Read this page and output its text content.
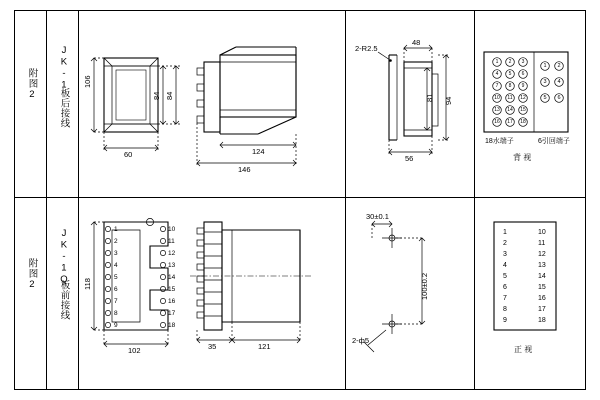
附图2	JK-1
板后接线
附图2	JK-1Q
板前接线
106
84 84
60	124
146
2-R2.5
48
81 94
56
18水端子	6引回端子
背 视
118
102	35	121
30±0.1
100±0.2
2-ф5
1
2
3
4
5
6
7
8
9
10
11
12
13
14
15
16
17
18
1
2
3
4
5
6
7
8
9
10
11
12
13
14
15
16
17
18
正 视
1	2	3
4	5	6
7	8	9
10	11	12
13	14	15
16	17	18
1	2
3	4
5	6
